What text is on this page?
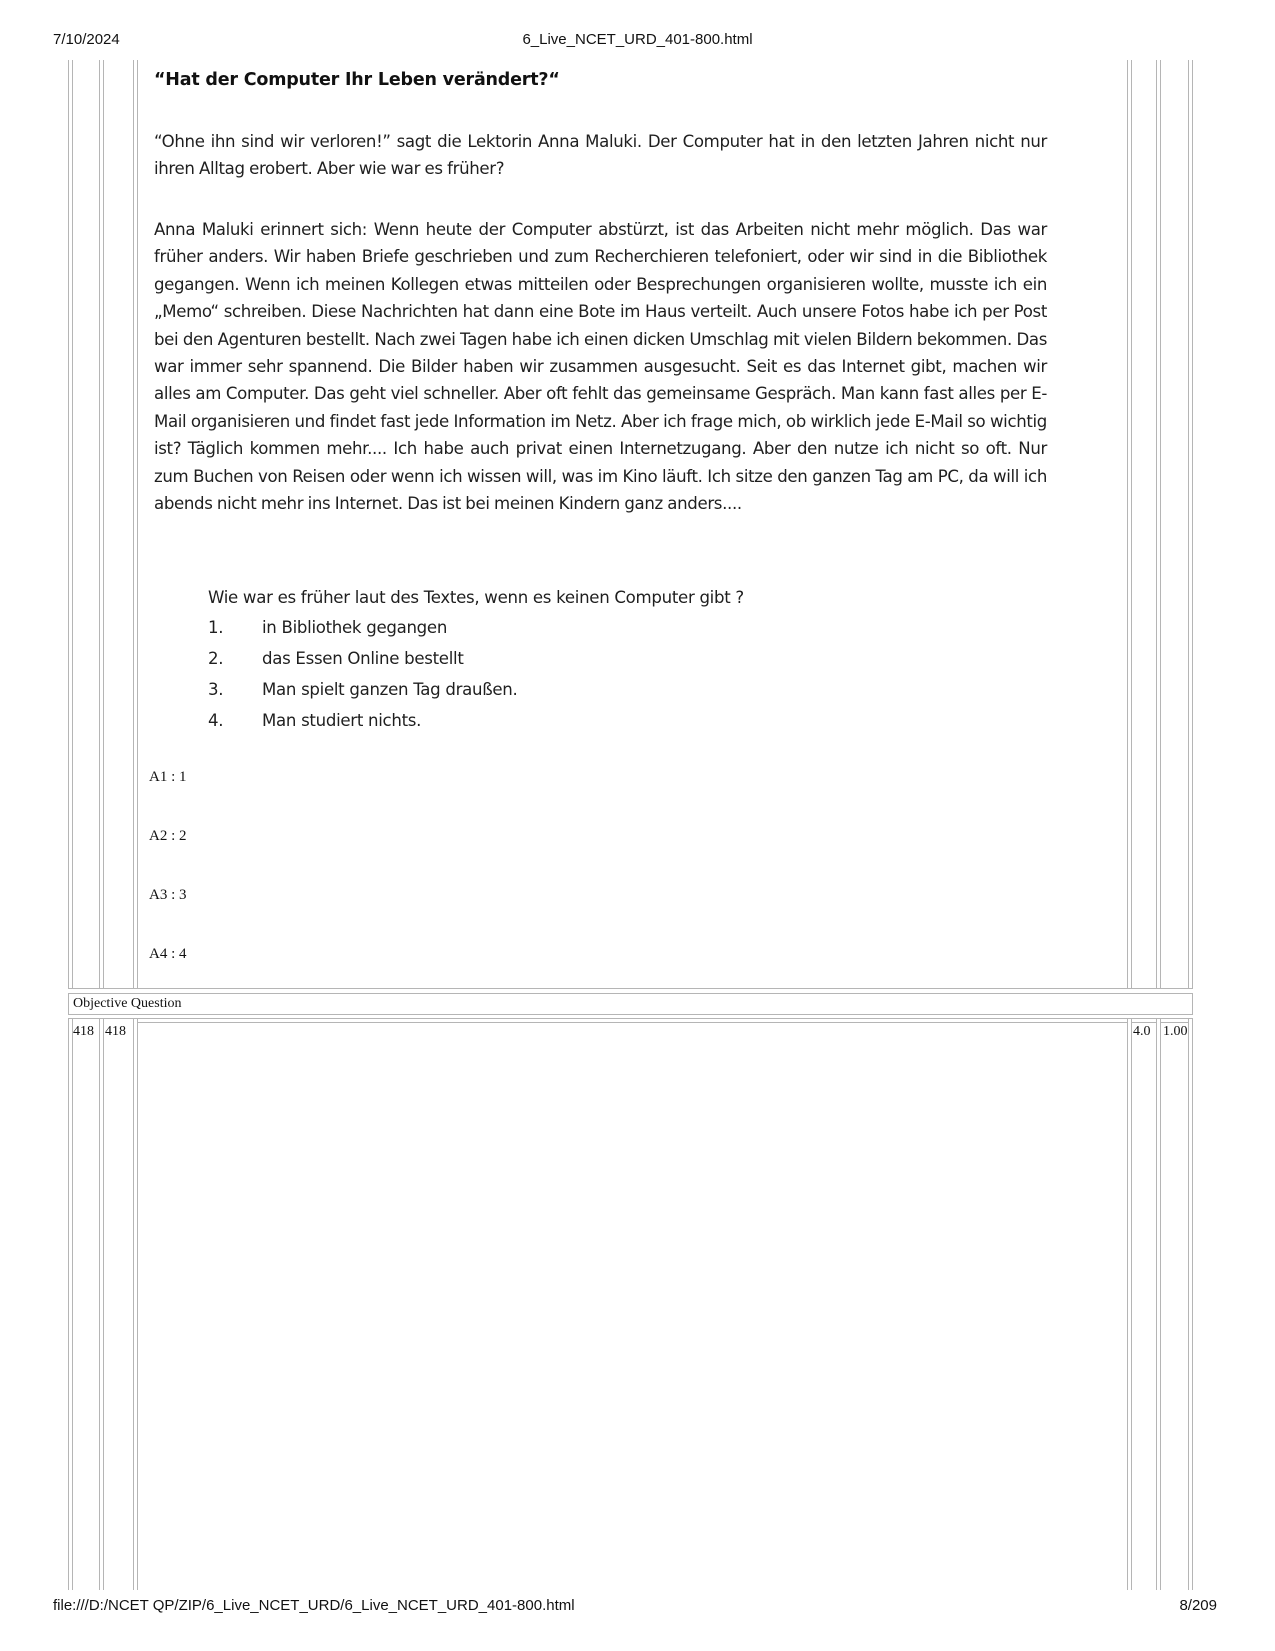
7/10/2024	6_Live_NCET_URD_401-800.html
“Hat der Computer Ihr Leben verändert?“
“Ohne ihn sind wir verloren!” sagt die Lektorin Anna Maluki. Der Computer hat in den letzten Jahren nicht nur ihren Alltag erobert. Aber wie war es früher?
Anna Maluki erinnert sich: Wenn heute der Computer abstürzt, ist das Arbeiten nicht mehr möglich. Das war früher anders. Wir haben Briefe geschrieben und zum Recherchieren telefoniert, oder wir sind in die Bibliothek gegangen. Wenn ich meinen Kollegen etwas mitteilen oder Besprechungen organisieren wollte, musste ich ein „Memo“ schreiben. Diese Nachrichten hat dann eine Bote im Haus verteilt. Auch unsere Fotos habe ich per Post bei den Agenturen bestellt. Nach zwei Tagen habe ich einen dicken Umschlag mit vielen Bildern bekommen. Das war immer sehr spannend. Die Bilder haben wir zusammen ausgesucht. Seit es das Internet gibt, machen wir alles am Computer. Das geht viel schneller. Aber oft fehlt das gemeinsame Gespräch. Man kann fast alles per E-Mail organisieren und findet fast jede Information im Netz. Aber ich frage mich, ob wirklich jede E-Mail so wichtig ist? Täglich kommen mehr.... Ich habe auch privat einen Internetzugang. Aber den nutze ich nicht so oft. Nur zum Buchen von Reisen oder wenn ich wissen will, was im Kino läuft. Ich sitze den ganzen Tag am PC, da will ich abends nicht mehr ins Internet. Das ist bei meinen Kindern ganz anders....
Wie war es früher laut des Textes, wenn es keinen Computer gibt ?
1. in Bibliothek gegangen
2. das Essen Online bestellt
3. Man spielt ganzen Tag draußen.
4. Man studiert nichts.
A1 : 1
A2 : 2
A3 : 3
A4 : 4
Objective Question
418 418	4.0 1.00
file:///D:/NCET QP/ZIP/6_Live_NCET_URD/6_Live_NCET_URD_401-800.html	8/209
